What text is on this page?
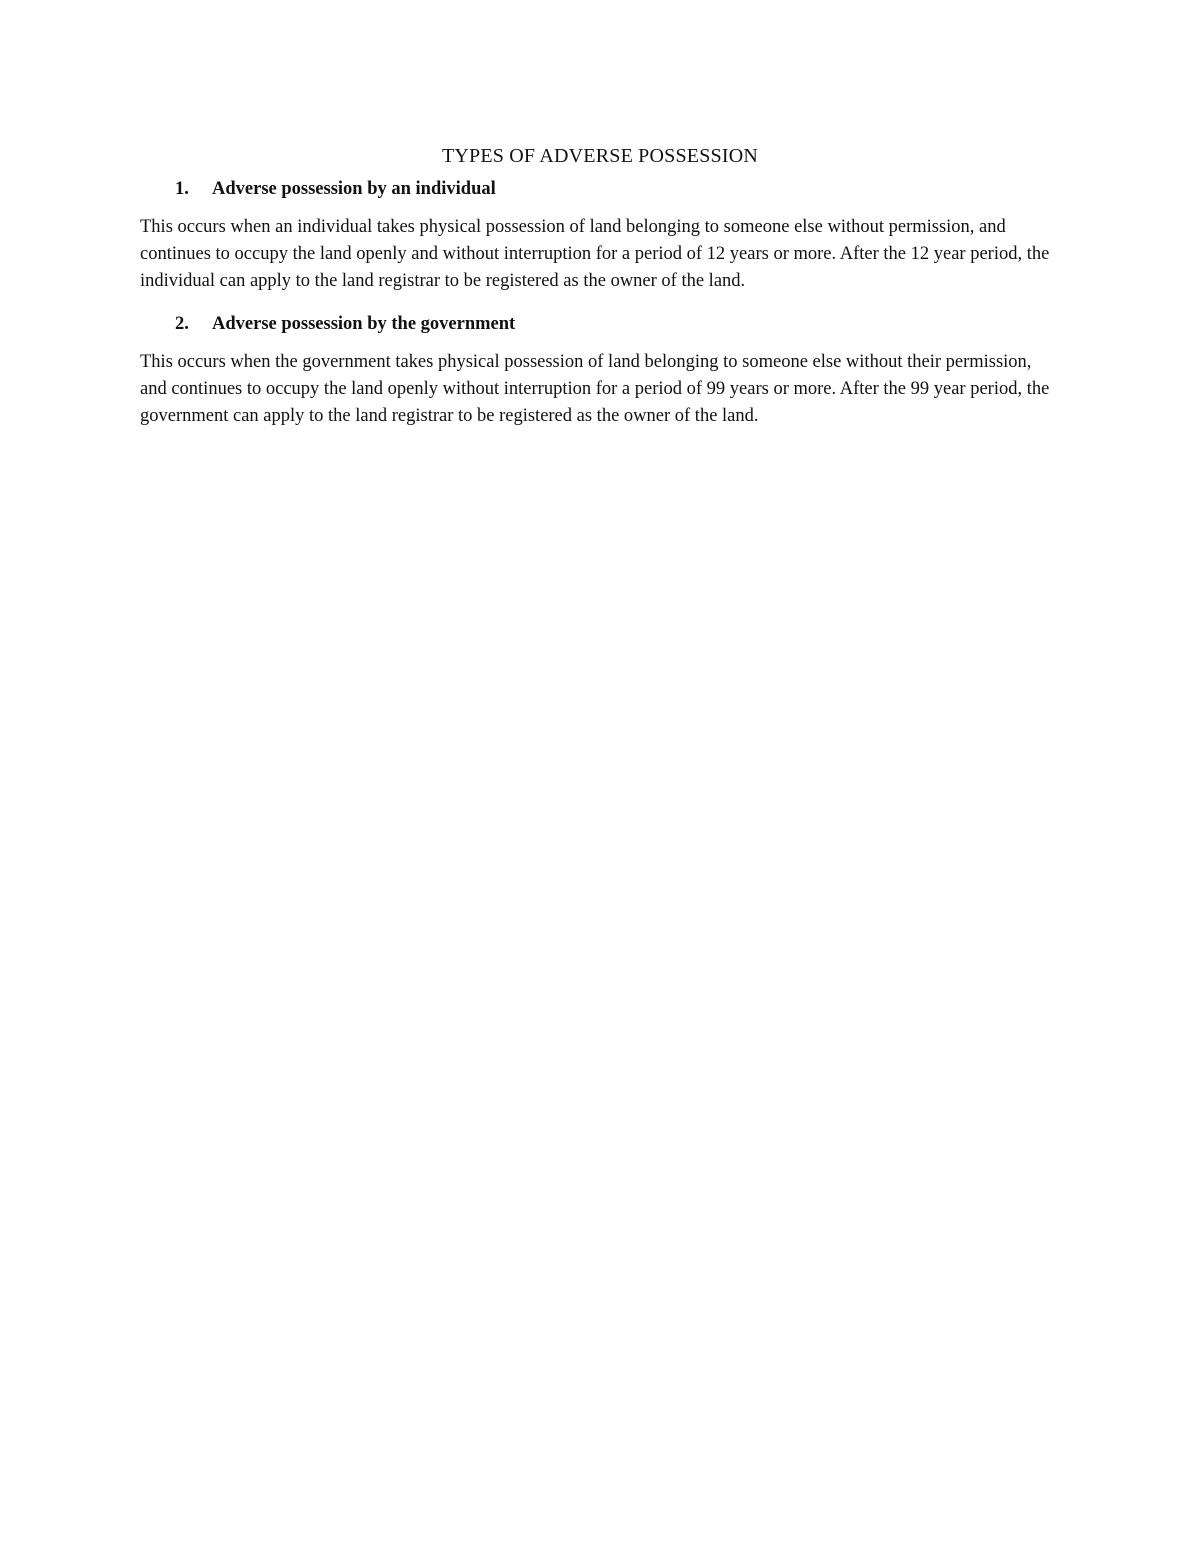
TYPES OF ADVERSE POSSESSION
1.	Adverse possession by an individual

This occurs when an individual takes physical possession of land belonging to someone else without permission, and continues to occupy the land openly and without interruption for a period of 12 years or more. After the 12 year period, the individual can apply to the land registrar to be registered as the owner of the land.

2.	Adverse possession by the government

This occurs when the government takes physical possession of land belonging to someone else without their permission, and continues to occupy the land openly without interruption for a period of 99 years or more. After the 99 year period, the government can apply to the land registrar to be registered as the owner of the land.
